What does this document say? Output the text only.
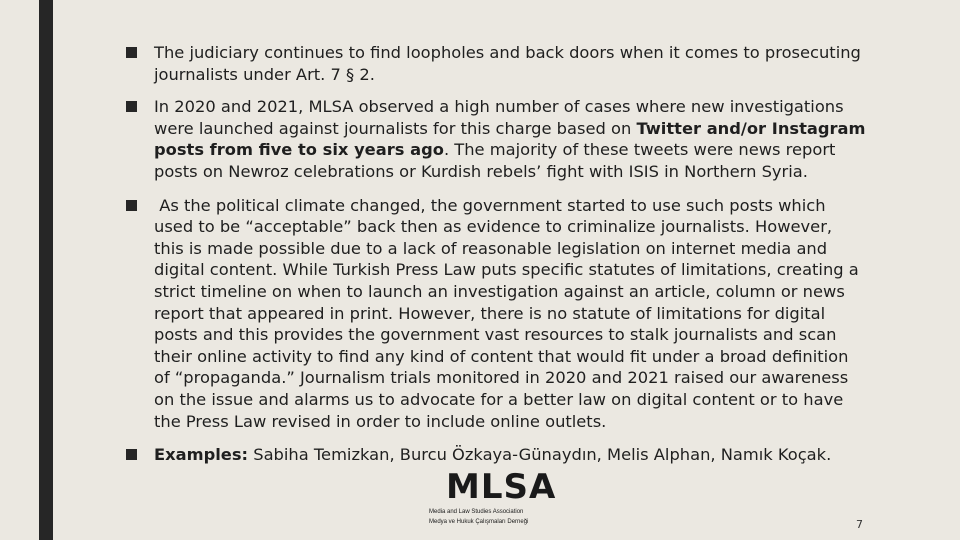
The judiciary continues to find loopholes and back doors when it comes to prosecuting journalists under Art. 7 § 2.
In 2020 and 2021, MLSA observed a high number of cases where new investigations were launched against journalists for this charge based on Twitter and/or Instagram posts from five to six years ago. The majority of these tweets were news report posts on Newroz celebrations or Kurdish rebels’ fight with ISIS in Northern Syria.
As the political climate changed, the government started to use such posts which used to be “acceptable” back then as evidence to criminalize journalists. However, this is made possible due to a lack of reasonable legislation on internet media and digital content. While Turkish Press Law puts specific statutes of limitations, creating a strict timeline on when to launch an investigation against an article, column or news report that appeared in print. However, there is no statute of limitations for digital posts and this provides the government vast resources to stalk journalists and scan their online activity to find any kind of content that would fit under a broad definition of “propaganda.” Journalism trials monitored in 2020 and 2021 raised our awareness on the issue and alarms us to advocate for a better law on digital content or to have the Press Law revised in order to include online outlets.
Examples: Sabiha Temizkan, Burcu Özkaya-Günaydın, Melis Alphan, Namık Koçak.
MLSA
Media and Law Studies Association
Medya ve Hukuk Çalışmaları Derneği	7
